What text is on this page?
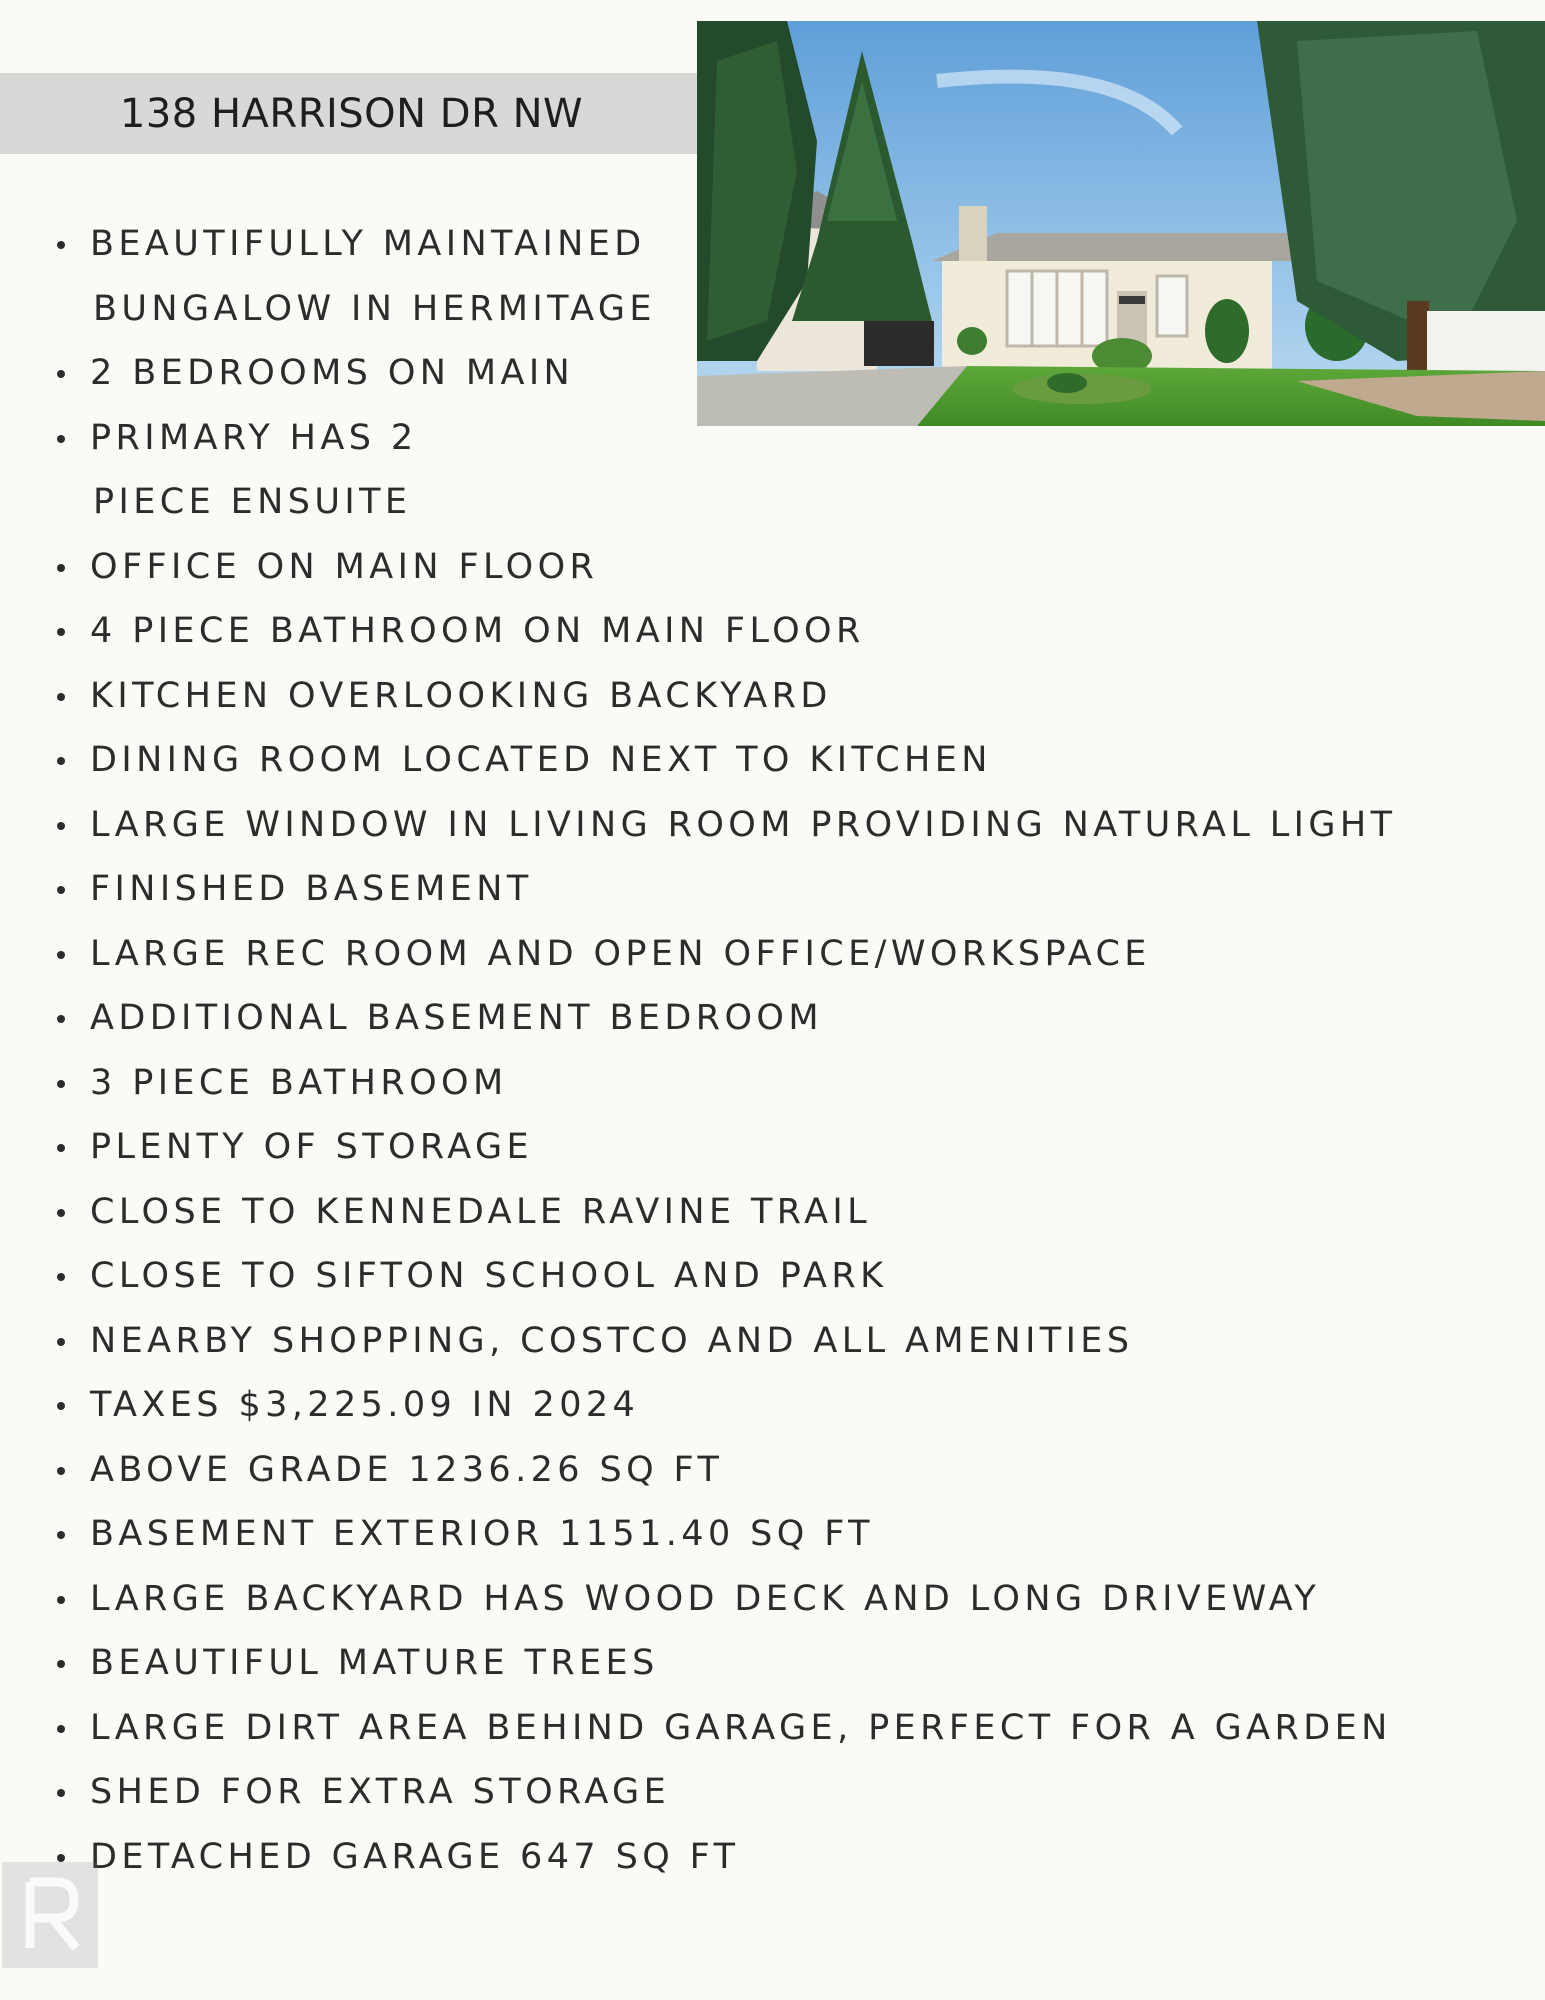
138 HARRISON DR NW
BEAUTIFULLY MAINTAINED
BUNGALOW IN HERMITAGE
2 BEDROOMS ON MAIN
PRIMARY HAS 2
PIECE ENSUITE
OFFICE ON MAIN FLOOR
4 PIECE BATHROOM ON MAIN FLOOR
KITCHEN OVERLOOKING BACKYARD
DINING ROOM LOCATED NEXT TO KITCHEN
LARGE WINDOW IN LIVING ROOM PROVIDING NATURAL LIGHT
FINISHED BASEMENT
LARGE REC ROOM AND OPEN OFFICE/WORKSPACE
ADDITIONAL BASEMENT BEDROOM
3 PIECE BATHROOM
PLENTY OF STORAGE
CLOSE TO KENNEDALE RAVINE TRAIL
CLOSE TO SIFTON SCHOOL AND PARK
NEARBY SHOPPING, COSTCO AND ALL AMENITIES
TAXES $3,225.09 IN 2024
ABOVE GRADE 1236.26 SQ FT
BASEMENT EXTERIOR 1151.40 SQ FT
LARGE BACKYARD HAS WOOD DECK AND LONG DRIVEWAY
BEAUTIFUL MATURE TREES
LARGE DIRT AREA BEHIND GARAGE, PERFECT FOR A GARDEN
SHED FOR EXTRA STORAGE
DETACHED GARAGE 647 SQ FT
